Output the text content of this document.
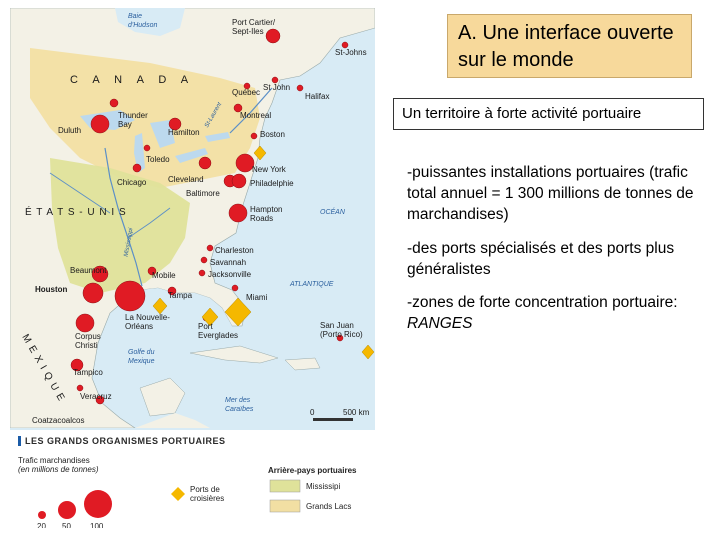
C A N A D A
É T A T S - U N I S
M E X I Q U E
Baie d'Hudson
OCÉAN
ATLANTIQUE
Golfe du Mexique
Mer des Caraïbes
St-Laurent
Mississippi
Port Cartier/ Sept-Iles
St-Johns
Québec
St John
Halifax
Montreal
Thunder Bay
Duluth	Hamilton	Boston
Toledo
Chicago	Cleveland
Baltimore
New York
Philadelphie
Hampton Roads
Charleston
Savannah
Jacksonville
Mobile
Beaumont
Houston
Tampa	Miami
La Nouvelle-Orléans	Port Everglades
Corpus Christi
San Juan (Porto Rico)
Tampico
Veracruz
Coatzacoalcos
0	500 km
LES GRANDS ORGANISMES PORTUAIRES
Trafic marchandises
(en millions de tonnes)
20 50 100
Ports de croisières
Arrière-pays portuaires
Mississipi
Grands Lacs
A. Une interface ouverte sur le monde
Un territoire à forte activité portuaire
-puissantes installations portuaires (trafic total annuel = 1 300 millions de tonnes de marchandises)
-des ports spécialisés et des ports plus généralistes
-zones de forte concentration portuaire: RANGES
